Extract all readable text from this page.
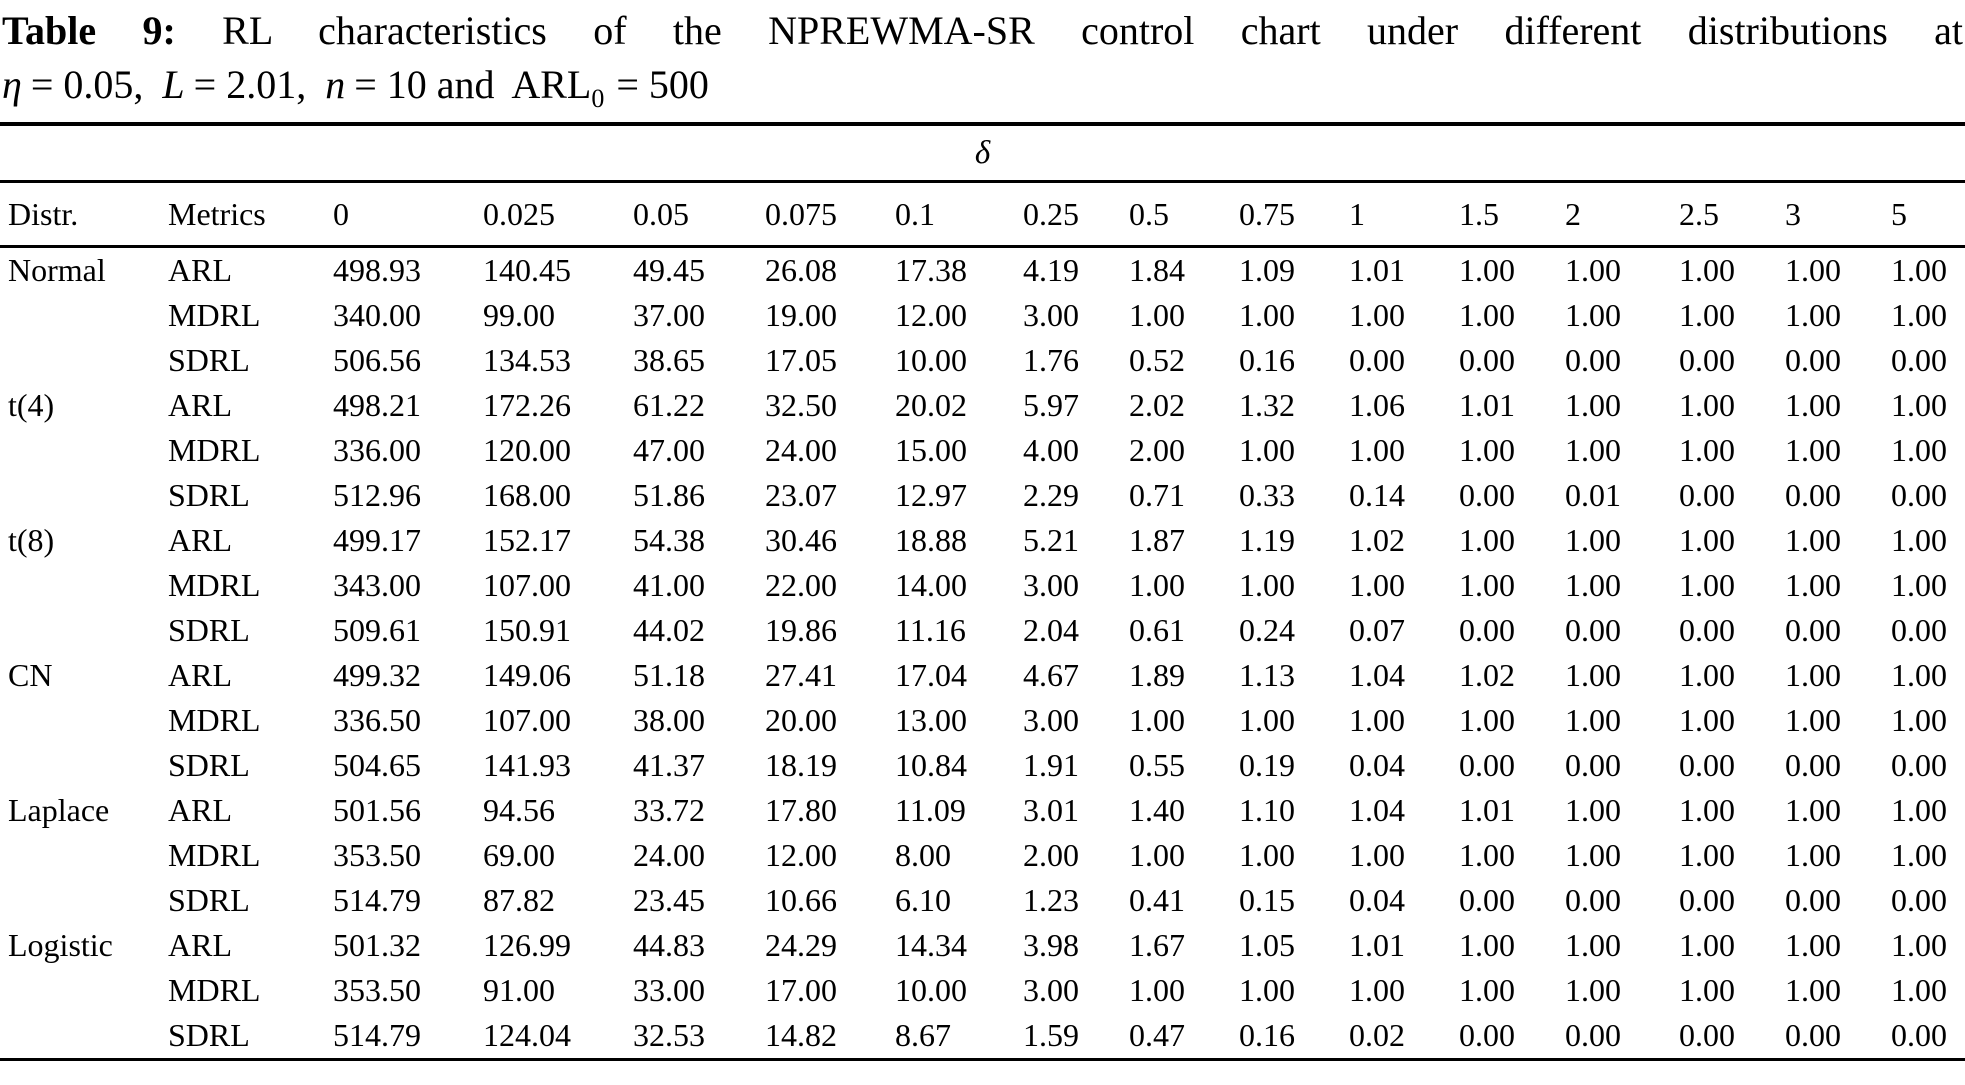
Table 9: RL characteristics of the NPREWMA-SR control chart under different distributions at
η = 0.05, L = 2.01, n = 10 and $ARL_0 = 500$
δ															
Distr.	Metrics	0	0.025	0.05	0.075	0.1	0.25	0.5	0.75	1	1.5	2	2.5	3	5
Normal	ARL	498.93	140.45	49.45	26.08	17.38	4.19	1.84	1.09	1.01	1.00	1.00	1.00	1.00	1.00
	MDRL	340.00	99.00	37.00	19.00	12.00	3.00	1.00	1.00	1.00	1.00	1.00	1.00	1.00	1.00
	SDRL	506.56	134.53	38.65	17.05	10.00	1.76	0.52	0.16	0.00	0.00	0.00	0.00	0.00	0.00
t(4)	ARL	498.21	172.26	61.22	32.50	20.02	5.97	2.02	1.32	1.06	1.01	1.00	1.00	1.00	1.00
	MDRL	336.00	120.00	47.00	24.00	15.00	4.00	2.00	1.00	1.00	1.00	1.00	1.00	1.00	1.00
	SDRL	512.96	168.00	51.86	23.07	12.97	2.29	0.71	0.33	0.14	0.00	0.01	0.00	0.00	0.00
t(8)	ARL	499.17	152.17	54.38	30.46	18.88	5.21	1.87	1.19	1.02	1.00	1.00	1.00	1.00	1.00
	MDRL	343.00	107.00	41.00	22.00	14.00	3.00	1.00	1.00	1.00	1.00	1.00	1.00	1.00	1.00
	SDRL	509.61	150.91	44.02	19.86	11.16	2.04	0.61	0.24	0.07	0.00	0.00	0.00	0.00	0.00
CN	ARL	499.32	149.06	51.18	27.41	17.04	4.67	1.89	1.13	1.04	1.02	1.00	1.00	1.00	1.00
	MDRL	336.50	107.00	38.00	20.00	13.00	3.00	1.00	1.00	1.00	1.00	1.00	1.00	1.00	1.00
	SDRL	504.65	141.93	41.37	18.19	10.84	1.91	0.55	0.19	0.04	0.00	0.00	0.00	0.00	0.00
Laplace	ARL	501.56	94.56	33.72	17.80	11.09	3.01	1.40	1.10	1.04	1.01	1.00	1.00	1.00	1.00
	MDRL	353.50	69.00	24.00	12.00	8.00	2.00	1.00	1.00	1.00	1.00	1.00	1.00	1.00	1.00
	SDRL	514.79	87.82	23.45	10.66	6.10	1.23	0.41	0.15	0.04	0.00	0.00	0.00	0.00	0.00
Logistic	ARL	501.32	126.99	44.83	24.29	14.34	3.98	1.67	1.05	1.01	1.00	1.00	1.00	1.00	1.00
	MDRL	353.50	91.00	33.00	17.00	10.00	3.00	1.00	1.00	1.00	1.00	1.00	1.00	1.00	1.00
	SDRL	514.79	124.04	32.53	14.82	8.67	1.59	0.47	0.16	0.02	0.00	0.00	0.00	0.00	0.00
